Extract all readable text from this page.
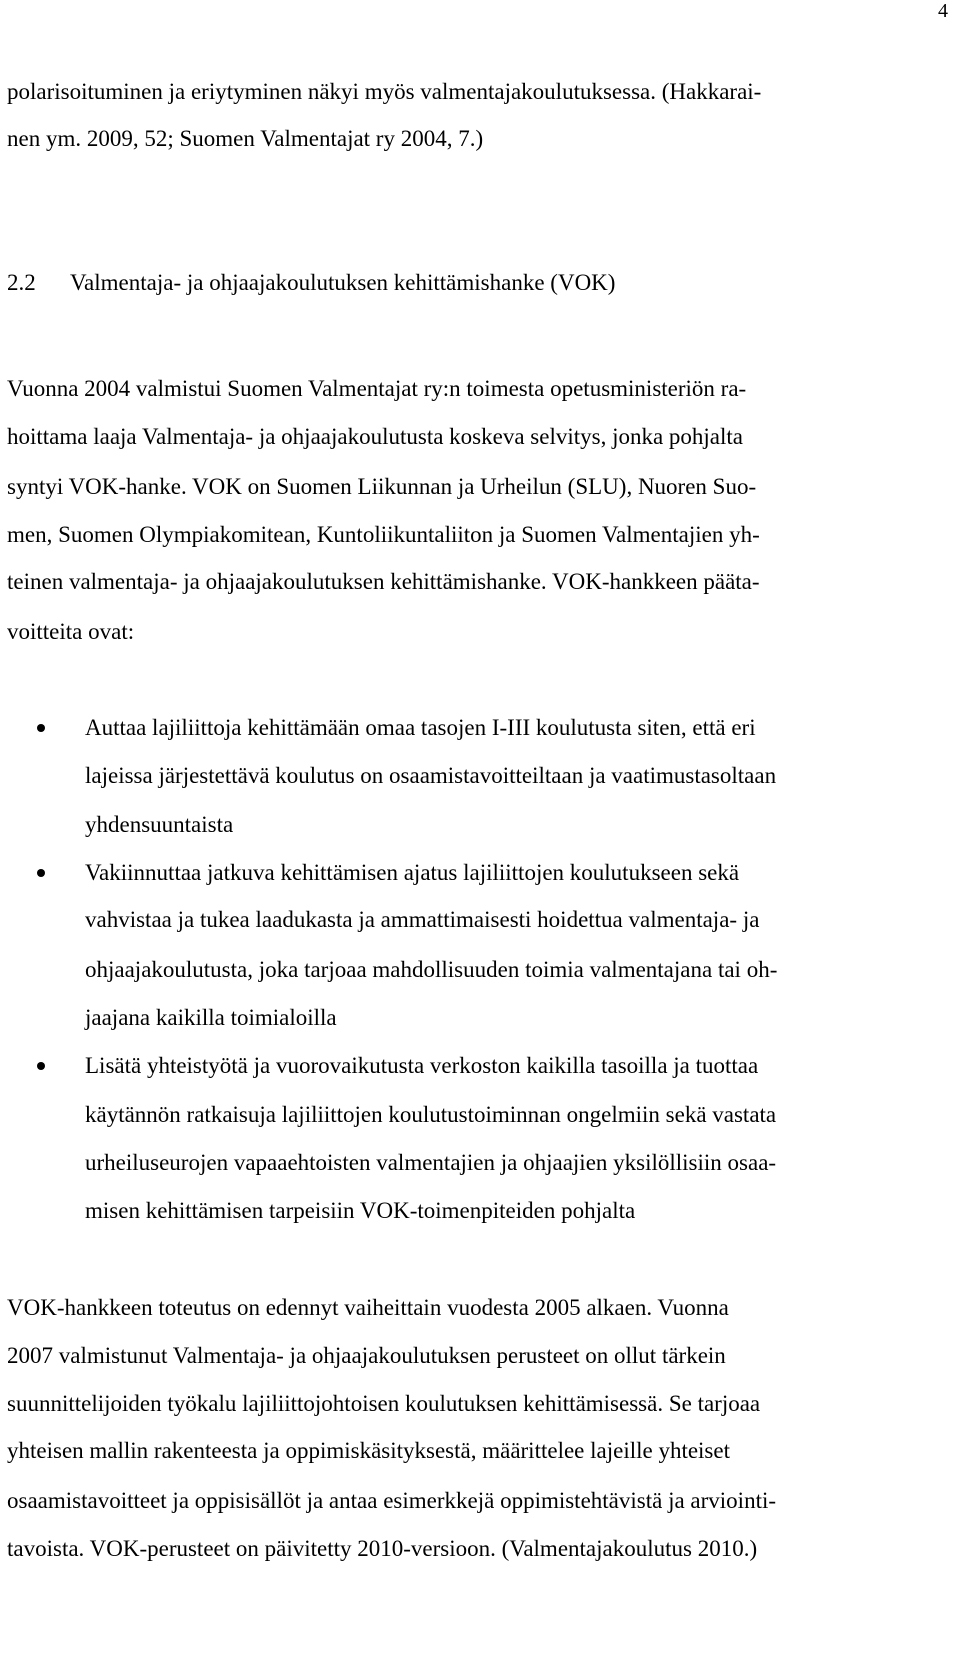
4
polarisoituminen ja eriytyminen näkyi myös valmentajakoulutuksessa. (Hakkarai-
nen ym. 2009, 52; Suomen Valmentajat ry 2004, 7.)
2.2 Valmentaja- ja ohjaajakoulutuksen kehittämishanke (VOK)
Vuonna 2004 valmistui Suomen Valmentajat ry:n toimesta opetusministeriön ra-
hoittama laaja Valmentaja- ja ohjaajakoulutusta koskeva selvitys, jonka pohjalta
syntyi VOK-hanke. VOK on Suomen Liikunnan ja Urheilun (SLU), Nuoren Suo-
men, Suomen Olympiakomitean, Kuntoliikuntaliiton ja Suomen Valmentajien yh-
teinen valmentaja- ja ohjaajakoulutuksen kehittämishanke. VOK-hankkeen pääta-
voitteita ovat:
Auttaa lajiliittoja kehittämään omaa tasojen I-III koulutusta siten, että eri
lajeissa järjestettävä koulutus on osaamistavoitteiltaan ja vaatimustasoltaan
yhdensuuntaista
Vakiinnuttaa jatkuva kehittämisen ajatus lajiliittojen koulutukseen sekä
vahvistaa ja tukea laadukasta ja ammattimaisesti hoidettua valmentaja- ja
ohjaajakoulutusta, joka tarjoaa mahdollisuuden toimia valmentajana tai oh-
jaajana kaikilla toimialoilla
Lisätä yhteistyötä ja vuorovaikutusta verkoston kaikilla tasoilla ja tuottaa
käytännön ratkaisuja lajiliittojen koulutustoiminnan ongelmiin sekä vastata
urheiluseurojen vapaaehtoisten valmentajien ja ohjaajien yksilöllisiin osaa-
misen kehittämisen tarpeisiin VOK-toimenpiteiden pohjalta
VOK-hankkeen toteutus on edennyt vaiheittain vuodesta 2005 alkaen. Vuonna
2007 valmistunut Valmentaja- ja ohjaajakoulutuksen perusteet on ollut tärkein
suunnittelijoiden työkalu lajiliittojohtoisen koulutuksen kehittämisessä. Se tarjoaa
yhteisen mallin rakenteesta ja oppimiskäsityksestä, määrittelee lajeille yhteiset
osaamistavoitteet ja oppisisällöt ja antaa esimerkkejä oppimistehtävistä ja arviointi-
tavoista. VOK-perusteet on päivitetty 2010-versioon. (Valmentajakoulutus 2010.)
